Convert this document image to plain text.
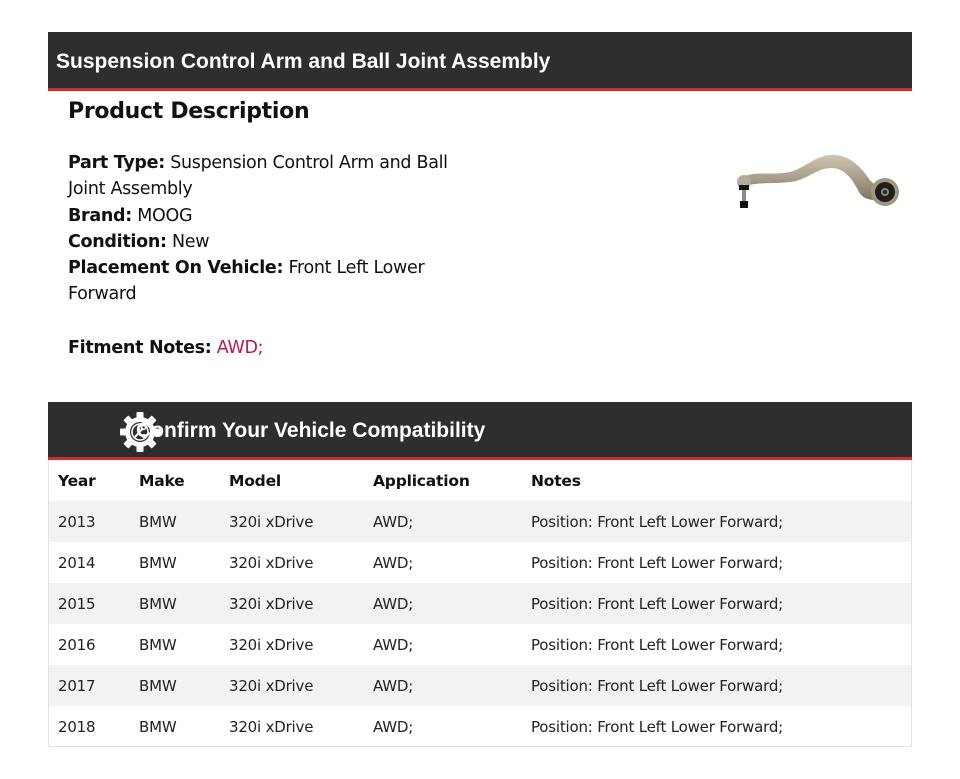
Suspension Control Arm and Ball Joint Assembly
Product Description
Part Type: Suspension Control Arm and Ball Joint Assembly
Brand: MOOG
Condition: New
Placement On Vehicle: Front Left Lower Forward
Fitment Notes: AWD;
Confirm Your Vehicle Compatibility
Year	Make	Model	Application	Notes
2013	BMW	320i xDrive	AWD;	Position: Front Left Lower Forward;
2014	BMW	320i xDrive	AWD;	Position: Front Left Lower Forward;
2015	BMW	320i xDrive	AWD;	Position: Front Left Lower Forward;
2016	BMW	320i xDrive	AWD;	Position: Front Left Lower Forward;
2017	BMW	320i xDrive	AWD;	Position: Front Left Lower Forward;
2018	BMW	320i xDrive	AWD;	Position: Front Left Lower Forward;
